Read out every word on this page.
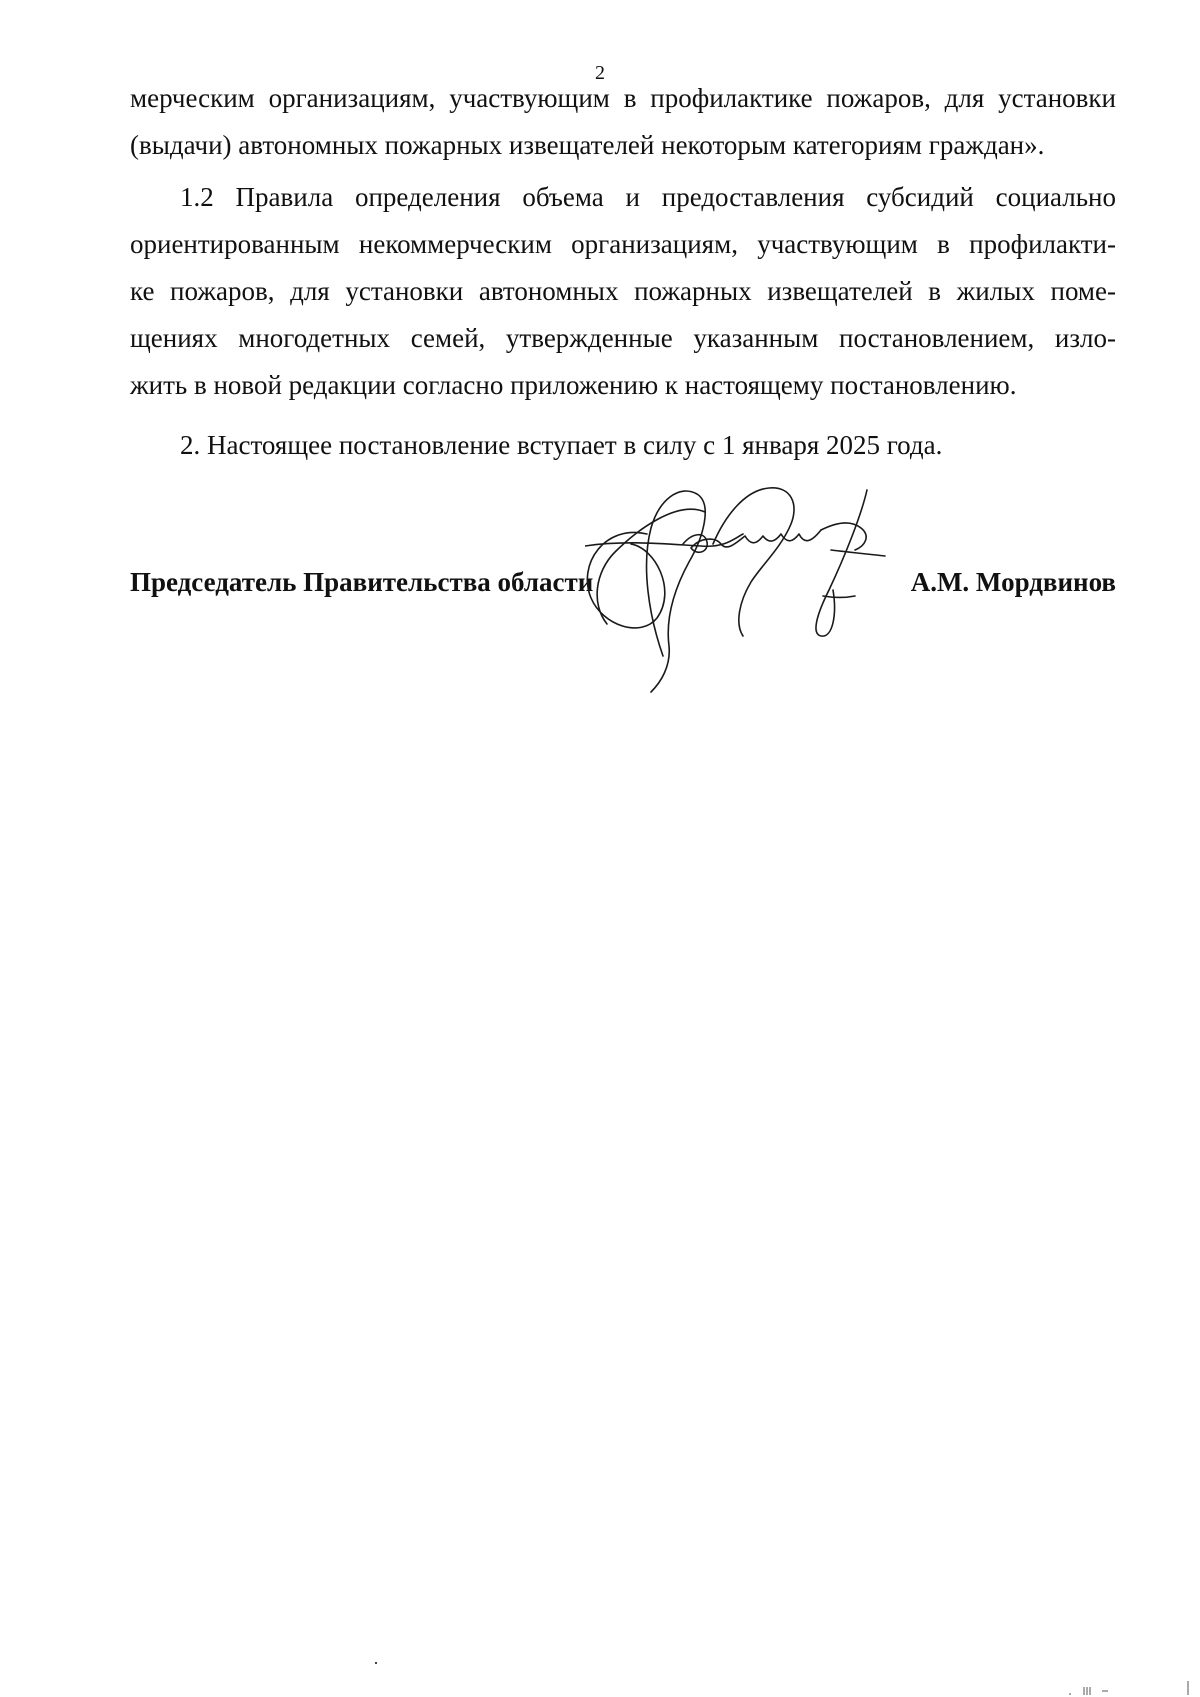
2
мерческим организациям, участвующим в профилактике пожаров, для установки
(выдачи) автономных пожарных извещателей некоторым категориям граждан».
1.2 Правила определения объема и предоставления субсидий социально
ориентированным некоммерческим организациям, участвующим в профилакти-
ке пожаров, для установки автономных пожарных извещателей в жилых поме-
щениях многодетных семей, утвержденные указанным постановлением, изло-
жить в новой редакции согласно приложению к настоящему постановлению.
2. Настоящее постановление вступает в силу с 1 января 2025 года.
Председатель Правительства области	А.М. Мордвинов
